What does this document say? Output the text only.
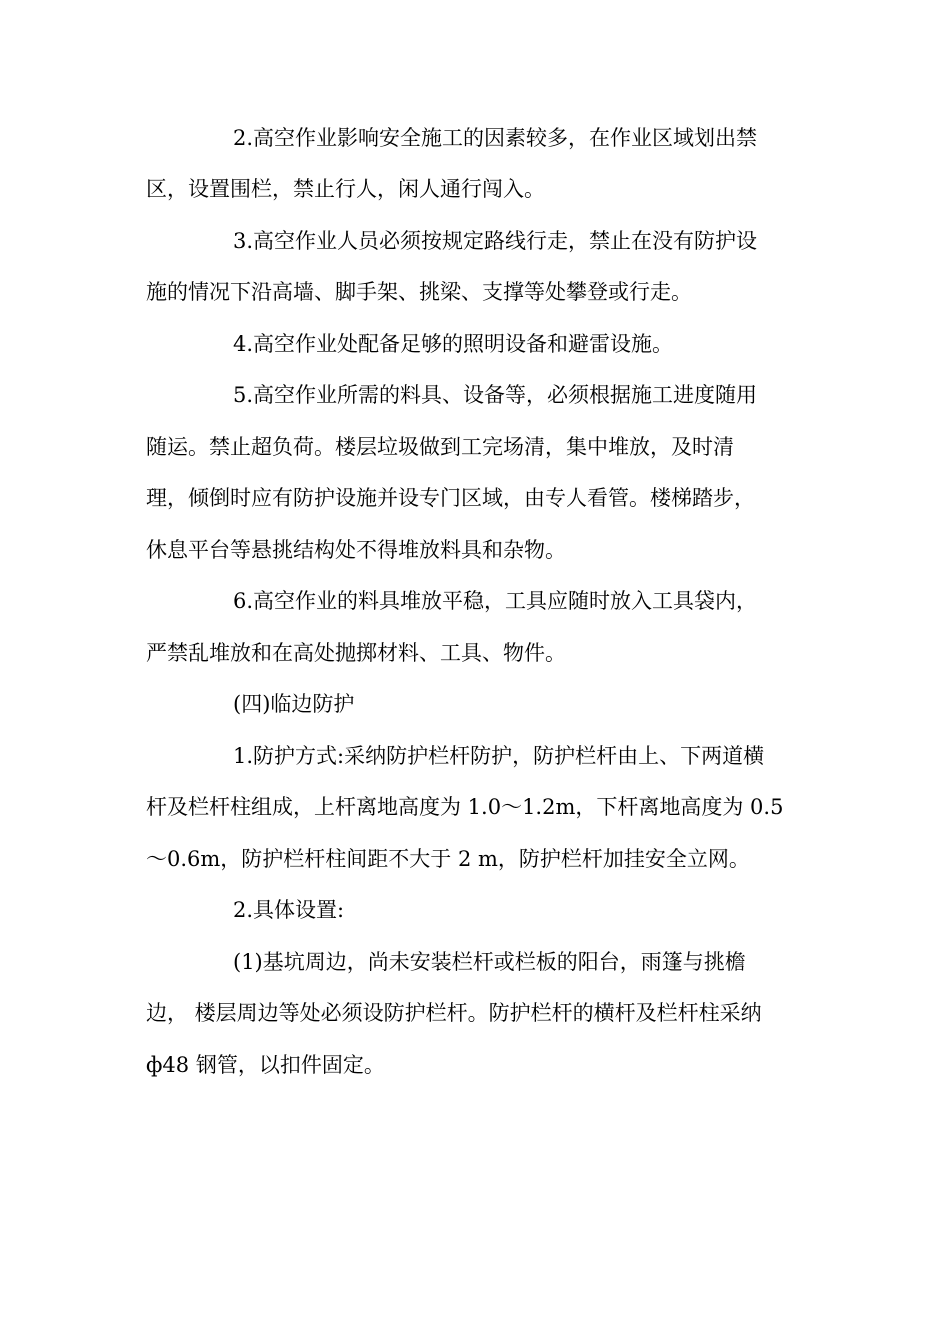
2.高空作业影响安全施工的因素较多，在作业区域划出禁
区，设置围栏，禁止行人，闲人通行闯入。
3.高空作业人员必须按规定路线行走，禁止在没有防护设
施的情况下沿高墙、脚手架、挑梁、支撑等处攀登或行走。
4.高空作业处配备足够的照明设备和避雷设施。
5.高空作业所需的料具、设备等，必须根据施工进度随用
随运。禁止超负荷。楼层垃圾做到工完场清，集中堆放，及时清
理，倾倒时应有防护设施并设专门区域，由专人看管。楼梯踏步，
休息平台等悬挑结构处不得堆放料具和杂物。
6.高空作业的料具堆放平稳，工具应随时放入工具袋内，
严禁乱堆放和在高处抛掷材料、工具、物件。
(四)临边防护
1.防护方式:采纳防护栏杆防护，防护栏杆由上、下两道横
杆及栏杆柱组成，上杆离地高度为 1.0～1.2m，下杆离地高度为 0.5
～0.6m，防护栏杆柱间距不大于 2 m，防护栏杆加挂安全立网。
2.具体设置:
(1)基坑周边，尚未安装栏杆或栏板的阳台，雨篷与挑檐
边， 楼层周边等处必须设防护栏杆。防护栏杆的横杆及栏杆柱采纳
ф48 钢管，以扣件固定。
